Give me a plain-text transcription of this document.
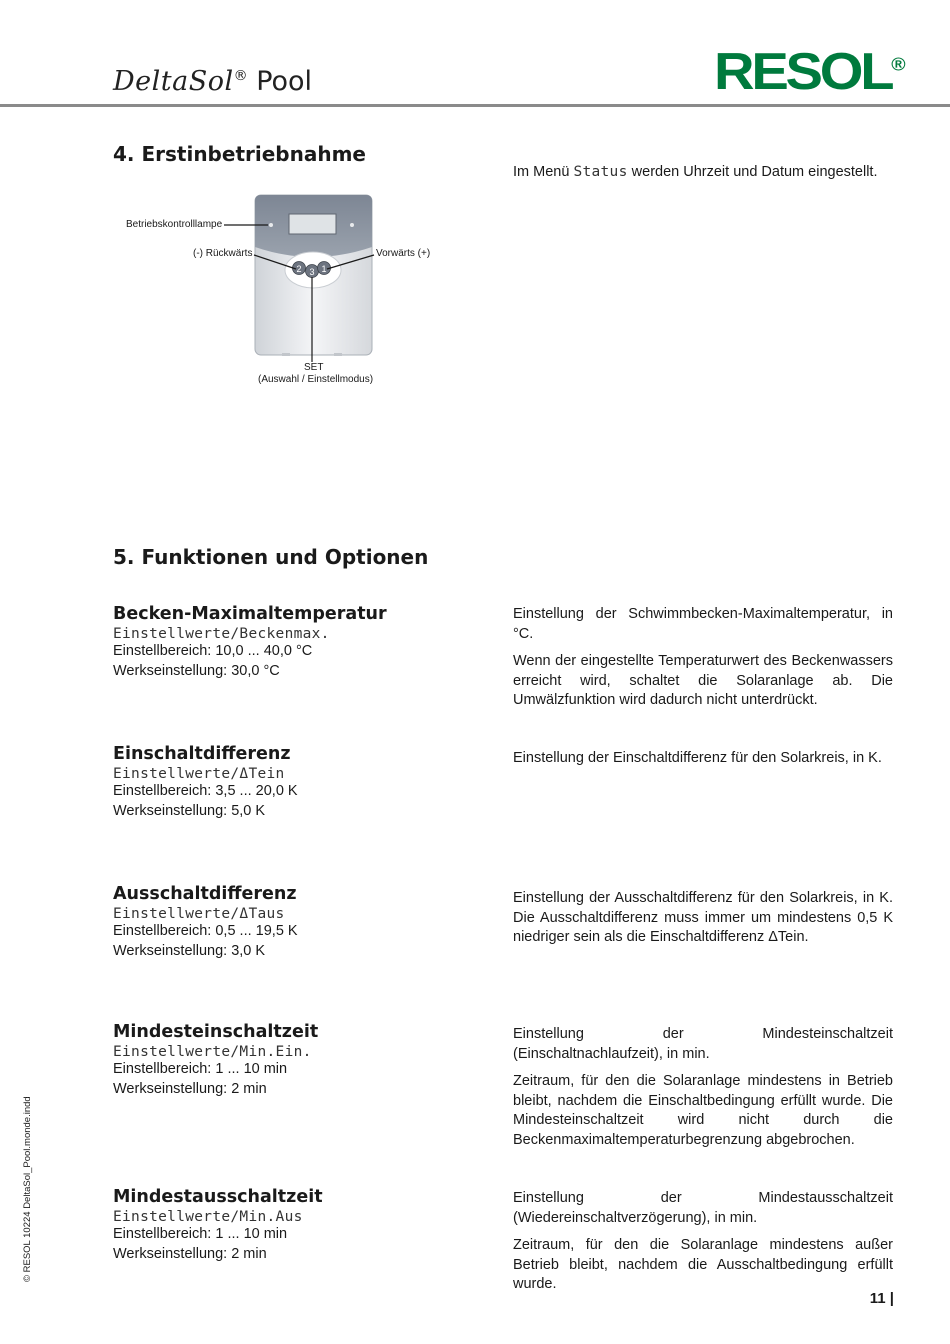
DeltaSol® Pool	RESOL®
4. Erstinbetriebnahme
Im Menü Status werden Uhrzeit und Datum eingestellt.
2 3 1
Betriebskontrolllampe
(-) Rückwärts	Vorwärts (+)
SET
(Auswahl / Einstellmodus)
5. Funktionen und Optionen
Becken-Maximaltemperatur
Einstellwerte/Beckenmax.
Einstellbereich: 10,0 ... 40,0 °C
Werkseinstellung: 30,0 °C

Einstellung der Schwimmbecken-Maximaltemperatur, in °C.

Wenn der eingestellte Temperaturwert des Beckenwassers erreicht wird, schaltet die Solaranlage ab. Die Umwälzfunktion wird dadurch nicht unterdrückt.

Einschaltdifferenz
Einstellwerte/ΔTein
Einstellbereich: 3,5 ... 20,0 K
Werkseinstellung: 5,0 K

Einstellung der Einschaltdifferenz für den Solarkreis, in K.

Ausschaltdifferenz
Einstellwerte/ΔTaus
Einstellbereich: 0,5 ... 19,5 K
Werkseinstellung: 3,0 K

Einstellung der Ausschaltdifferenz für den Solarkreis, in K. Die Ausschaltdifferenz muss immer um mindestens 0,5 K niedriger sein als die Einschaltdifferenz ΔTein.

Mindesteinschaltzeit
Einstellwerte/Min.Ein.
Einstellbereich: 1 ... 10 min
Werkseinstellung: 2 min

Einstellung der Mindesteinschaltzeit (Einschaltnachlaufzeit), in min.

Zeitraum, für den die Solaranlage mindestens in Betrieb bleibt, nachdem die Einschaltbedingung erfüllt wurde. Die Mindesteinschaltzeit wird nicht durch die Beckenmaximaltemperaturbegrenzung abgebrochen.

Mindestausschaltzeit
Einstellwerte/Min.Aus
Einstellbereich: 1 ... 10 min
Werkseinstellung: 2 min

Einstellung der Mindestausschaltzeit (Wiedereinschaltverzögerung), in min.

Zeitraum, für den die Solaranlage mindestens außer Betrieb bleibt, nachdem die Ausschaltbedingung erfüllt wurde.

© RESOL 10224 DeltaSol_Pool.monde.indd
11 |
